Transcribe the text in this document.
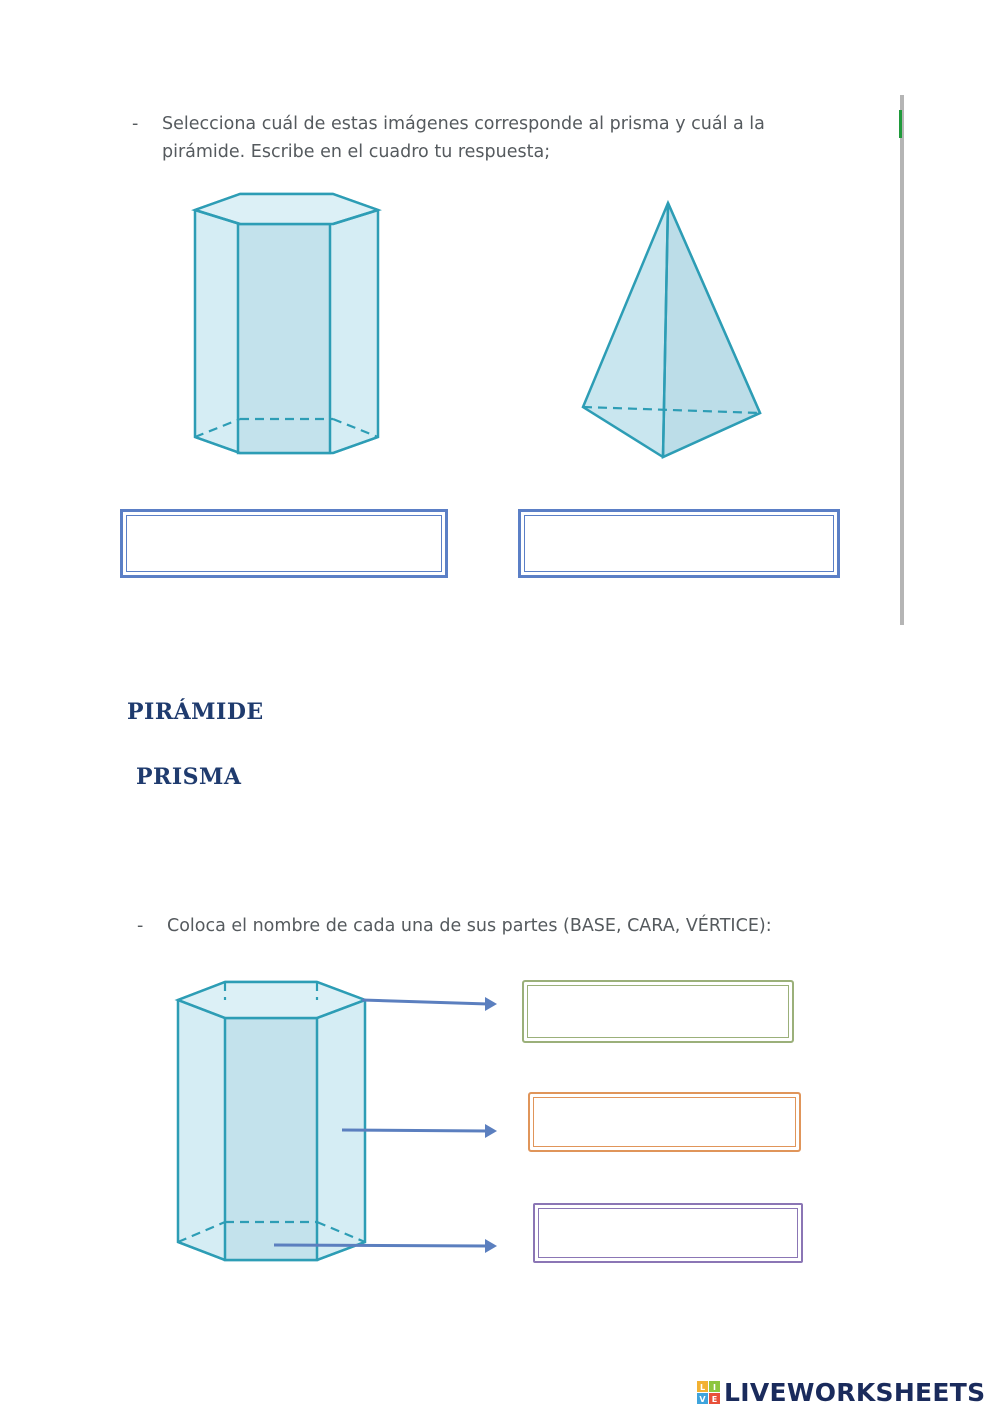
- Selecciona cuál de estas imágenes corresponde al prisma y cuál a la
pirámide. Escribe en el cuadro tu respuesta;
PIRÁMIDE
PRISMA
- Coloca el nombre de cada una de sus partes (BASE, CARA, VÉRTICE):
L I
V E LIVEWORKSHEETS
